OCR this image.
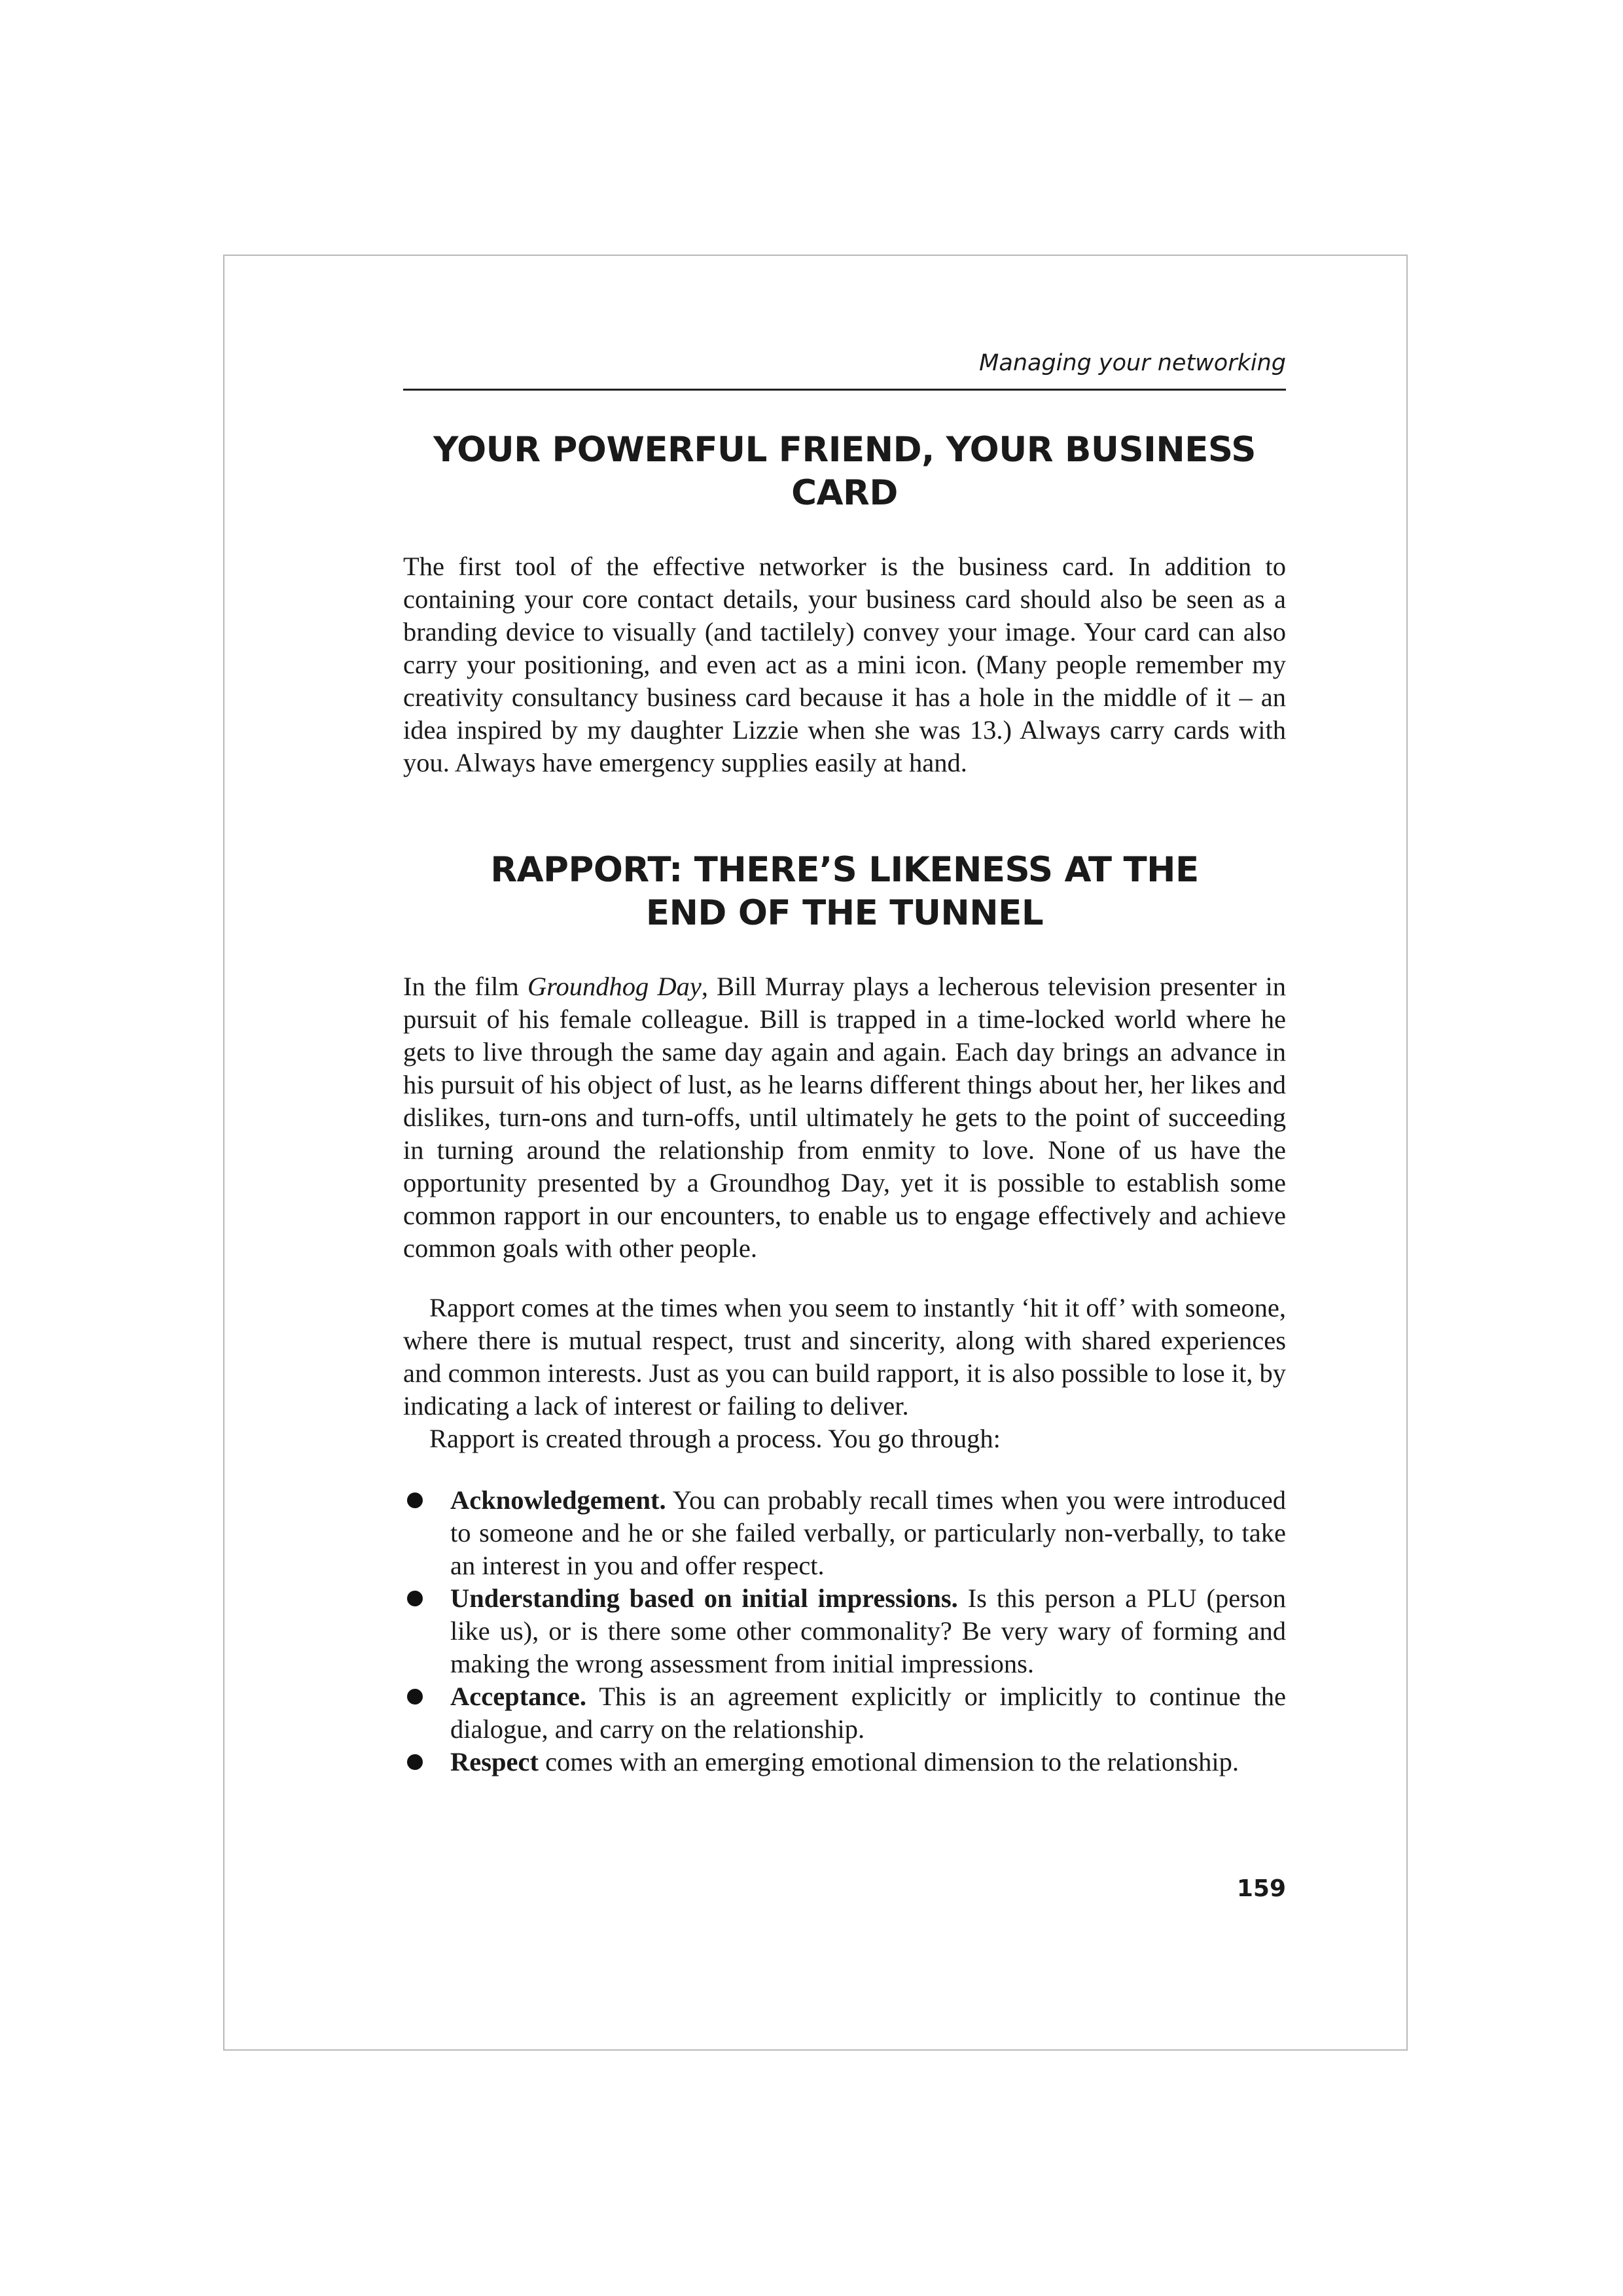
Managing your networking
YOUR POWERFUL FRIEND, YOUR BUSINESS CARD

The first tool of the effective networker is the business card. In addition to containing your core contact details, your business card should also be seen as a branding device to visually (and tactilely) convey your image. Your card can also carry your positioning, and even act as a mini icon. (Many people remember my creativity consultancy business card because it has a hole in the middle of it – an idea inspired by my daughter Lizzie when she was 13.) Always carry cards with you. Always have emergency supplies easily at hand.

RAPPORT: THERE’S LIKENESS AT THE
END OF THE TUNNEL

In the film Groundhog Day, Bill Murray plays a lecherous television presenter in pursuit of his female colleague. Bill is trapped in a time-locked world where he gets to live through the same day again and again. Each day brings an advance in his pursuit of his object of lust, as he learns different things about her, her likes and dislikes, turn-ons and turn-offs, until ultimately he gets to the point of succeeding in turning around the relationship from enmity to love. None of us have the opportunity presented by a Groundhog Day, yet it is possible to establish some common rapport in our encounters, to enable us to engage effectively and achieve common goals with other people.

Rapport comes at the times when you seem to instantly ‘hit it off’ with someone, where there is mutual respect, trust and sincerity, along with shared experiences and common interests. Just as you can build rapport, it is also possible to lose it, by indicating a lack of interest or failing to deliver.

Rapport is created through a process. You go through:

Acknowledgement. You can probably recall times when you were introduced to someone and he or she failed verbally, or particularly non-verbally, to take an interest in you and offer respect.
Understanding based on initial impressions. Is this person a PLU (person like us), or is there some other commonality? Be very wary of forming and making the wrong assessment from initial impressions.
Acceptance. This is an agreement explicitly or implicitly to continue the dialogue, and carry on the relationship.
Respect comes with an emerging emotional dimension to the relationship.
159
